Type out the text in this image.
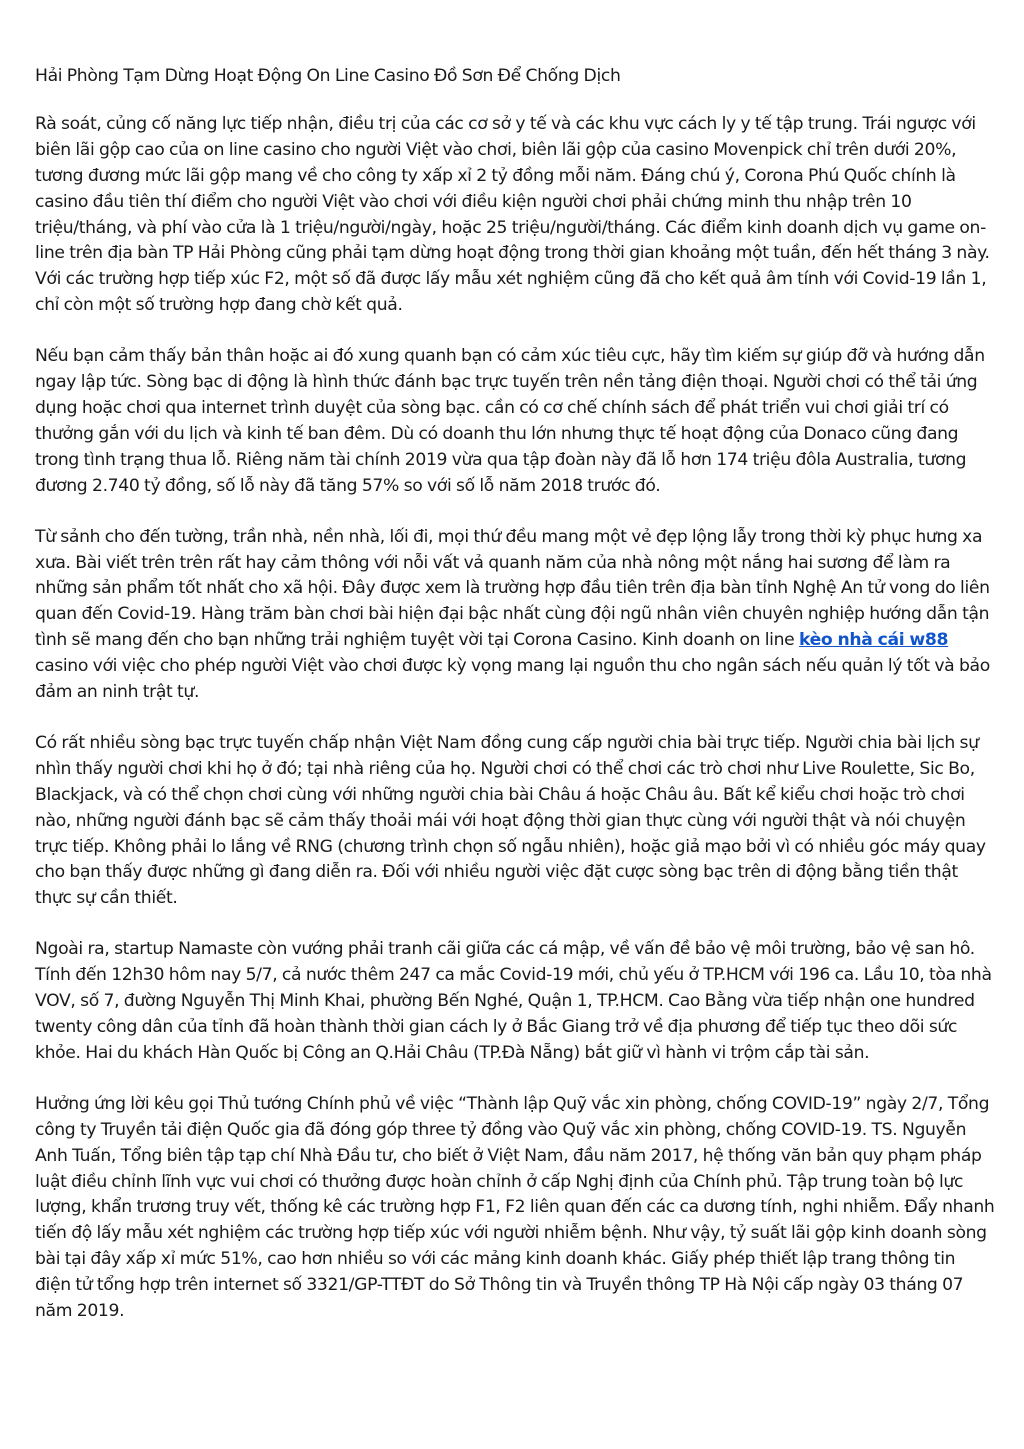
Hải Phòng Tạm Dừng Hoạt Động On Line Casino Đồ Sơn Để Chống Dịch

Rà soát, củng cố năng lực tiếp nhận, điều trị của các cơ sở y tế và các khu vực cách ly y tế tập trung. Trái ngược với biên lãi gộp cao của on line casino cho người Việt vào chơi, biên lãi gộp của casino Movenpick chỉ trên dưới 20%, tương đương mức lãi gộp mang về cho công ty xấp xỉ 2 tỷ đồng mỗi năm. Đáng chú ý, Corona Phú Quốc chính là casino đầu tiên thí điểm cho người Việt vào chơi với điều kiện người chơi phải chứng minh thu nhập trên 10 triệu/tháng, và phí vào cửa là 1 triệu/người/ngày, hoặc 25 triệu/người/tháng. Các điểm kinh doanh dịch vụ game on-line trên địa bàn TP Hải Phòng cũng phải tạm dừng hoạt động trong thời gian khoảng một tuần, đến hết tháng 3 này. Với các trường hợp tiếp xúc F2, một số đã được lấy mẫu xét nghiệm cũng đã cho kết quả âm tính với Covid-19 lần 1, chỉ còn một số trường hợp đang chờ kết quả.

Nếu bạn cảm thấy bản thân hoặc ai đó xung quanh bạn có cảm xúc tiêu cực, hãy tìm kiếm sự giúp đỡ và hướng dẫn ngay lập tức. Sòng bạc di động là hình thức đánh bạc trực tuyến trên nền tảng điện thoại. Người chơi có thể tải ứng dụng hoặc chơi qua internet trình duyệt của sòng bạc. cần có cơ chế chính sách để phát triển vui chơi giải trí có thưởng gắn với du lịch và kinh tế ban đêm. Dù có doanh thu lớn nhưng thực tế hoạt động của Donaco cũng đang trong tình trạng thua lỗ. Riêng năm tài chính 2019 vừa qua tập đoàn này đã lỗ hơn 174 triệu đôla Australia, tương đương 2.740 tỷ đồng, số lỗ này đã tăng 57% so với số lỗ năm 2018 trước đó.

Từ sảnh cho đến tường, trần nhà, nền nhà, lối đi, mọi thứ đều mang một vẻ đẹp lộng lẫy trong thời kỳ phục hưng xa xưa. Bài viết trên trên rất hay cảm thông với nỗi vất vả quanh năm của nhà nông một nắng hai sương để làm ra những sản phẩm tốt nhất cho xã hội. Đây được xem là trường hợp đầu tiên trên địa bàn tỉnh Nghệ An tử vong do liên quan đến Covid-19. Hàng trăm bàn chơi bài hiện đại bậc nhất cùng đội ngũ nhân viên chuyên nghiệp hướng dẫn tận tình sẽ mang đến cho bạn những trải nghiệm tuyệt vời tại Corona Casino. Kinh doanh on line kèo nhà cái w88 casino với việc cho phép người Việt vào chơi được kỳ vọng mang lại nguồn thu cho ngân sách nếu quản lý tốt và bảo đảm an ninh trật tự.

Có rất nhiều sòng bạc trực tuyến chấp nhận Việt Nam đồng cung cấp người chia bài trực tiếp. Người chia bài lịch sự nhìn thấy người chơi khi họ ở đó; tại nhà riêng của họ. Người chơi có thể chơi các trò chơi như Live Roulette, Sic Bo, Blackjack, và có thể chọn chơi cùng với những người chia bài Châu á hoặc Châu âu. Bất kể kiểu chơi hoặc trò chơi nào, những người đánh bạc sẽ cảm thấy thoải mái với hoạt động thời gian thực cùng với người thật và nói chuyện trực tiếp. Không phải lo lắng về RNG (chương trình chọn số ngẫu nhiên), hoặc giả mạo bởi vì có nhiều góc máy quay cho bạn thấy được những gì đang diễn ra. Đối với nhiều người việc đặt cược sòng bạc trên di động bằng tiền thật thực sự cần thiết.

Ngoài ra, startup Namaste còn vướng phải tranh cãi giữa các cá mập, về vấn đề bảo vệ môi trường, bảo vệ san hô. Tính đến 12h30 hôm nay 5/7, cả nước thêm 247 ca mắc Covid-19 mới, chủ yếu ở TP.HCM với 196 ca. Lầu 10, tòa nhà VOV, số 7, đường Nguyễn Thị Minh Khai, phường Bến Nghé, Quận 1, TP.HCM. Cao Bằng vừa tiếp nhận one hundred twenty công dân của tỉnh đã hoàn thành thời gian cách ly ở Bắc Giang trở về địa phương để tiếp tục theo dõi sức khỏe. Hai du khách Hàn Quốc bị Công an Q.Hải Châu (TP.Đà Nẵng) bắt giữ vì hành vi trộm cắp tài sản.

Hưởng ứng lời kêu gọi Thủ tướng Chính phủ về việc “Thành lập Quỹ vắc xin phòng, chống COVID-19” ngày 2/7, Tổng công ty Truyền tải điện Quốc gia đã đóng góp three tỷ đồng vào Quỹ vắc xin phòng, chống COVID-19. TS. Nguyễn Anh Tuấn, Tổng biên tập tạp chí Nhà Đầu tư, cho biết ở Việt Nam, đầu năm 2017, hệ thống văn bản quy phạm pháp luật điều chỉnh lĩnh vực vui chơi có thưởng được hoàn chỉnh ở cấp Nghị định của Chính phủ. Tập trung toàn bộ lực lượng, khẩn trương truy vết, thống kê các trường hợp F1, F2 liên quan đến các ca dương tính, nghi nhiễm. Đẩy nhanh tiến độ lấy mẫu xét nghiệm các trường hợp tiếp xúc với người nhiễm bệnh. Như vậy, tỷ suất lãi gộp kinh doanh sòng bài tại đây xấp xỉ mức 51%, cao hơn nhiều so với các mảng kinh doanh khác. Giấy phép thiết lập trang thông tin điện tử tổng hợp trên internet số 3321/GP-TTĐT do Sở Thông tin và Truyền thông TP Hà Nội cấp ngày 03 tháng 07 năm 2019.
